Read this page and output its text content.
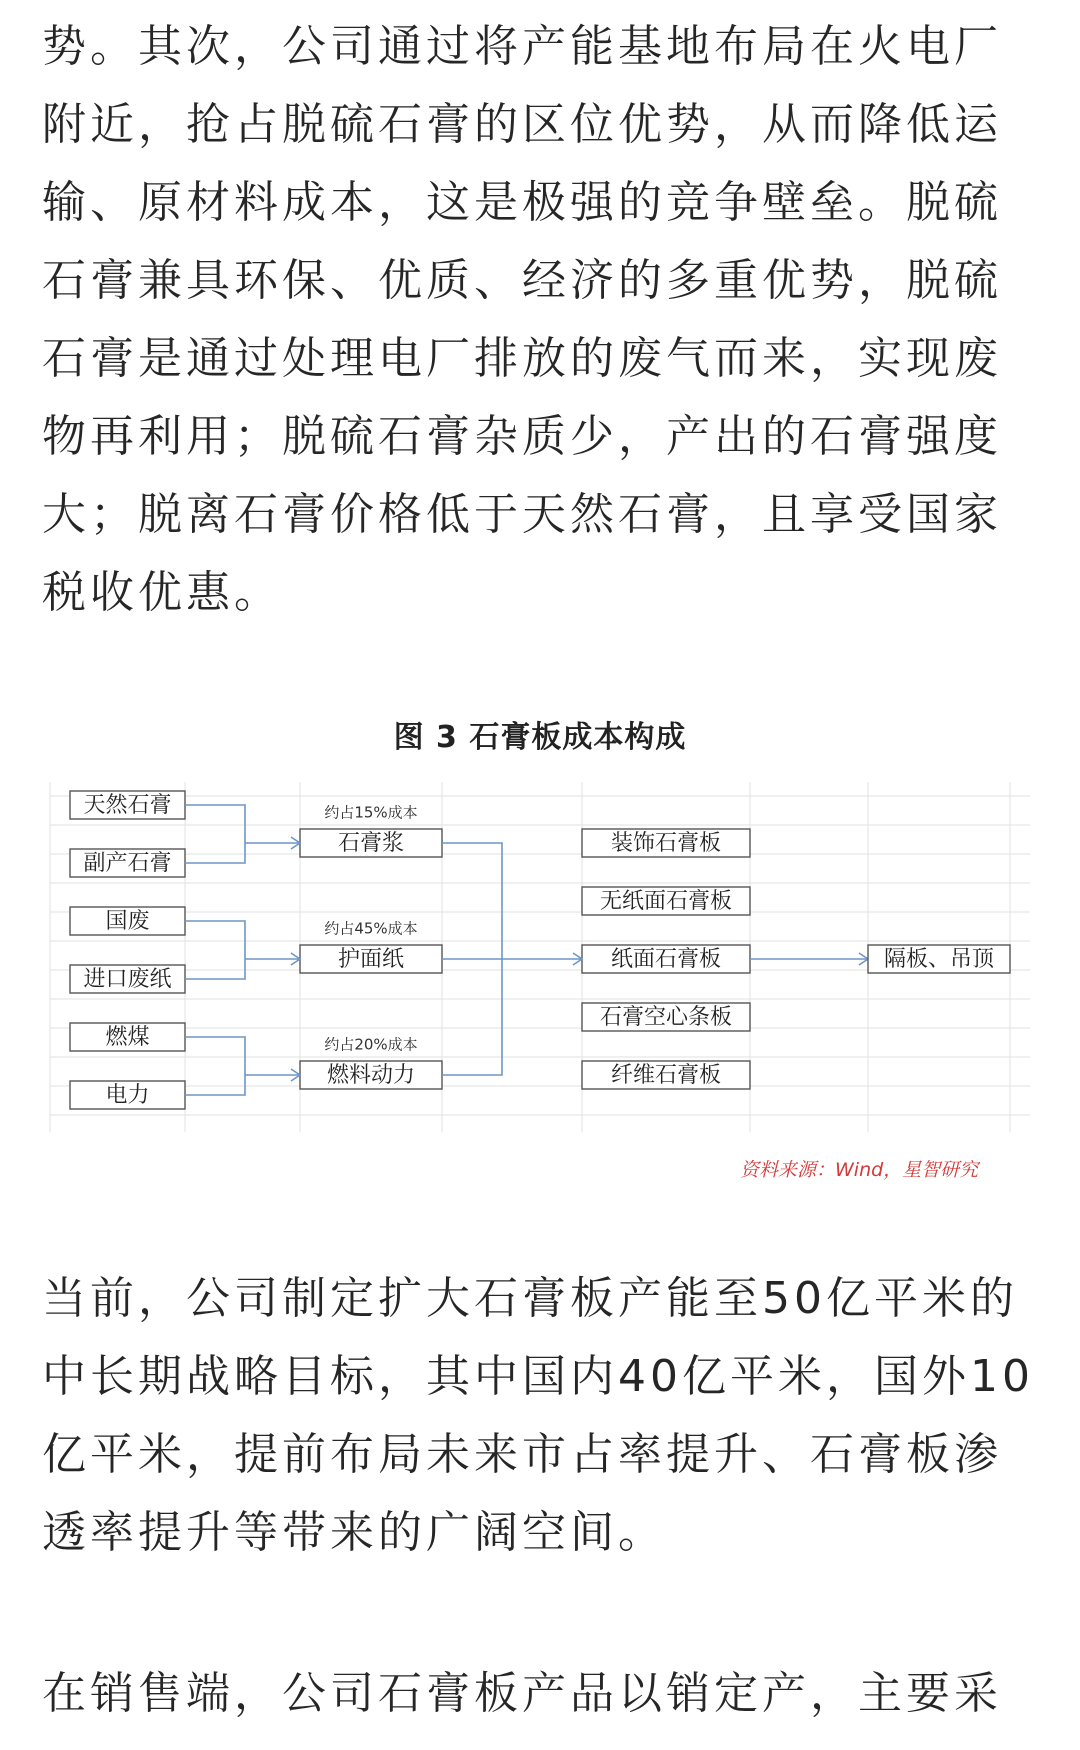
势。其次，公司通过将产能基地布局在火电厂
附近，抢占脱硫石膏的区位优势，从而降低运
输、原材料成本，这是极强的竞争壁垒。脱硫
石膏兼具环保、优质、经济的多重优势，脱硫
石膏是通过处理电厂排放的废气而来，实现废
物再利用；脱硫石膏杂质少，产出的石膏强度
大；脱离石膏价格低于天然石膏，且享受国家
税收优惠。
图 3 石膏板成本构成
天然石膏
副产石膏
国废
进口废纸
燃煤
电力
石膏浆
约占15%成本
护面纸
约占45%成本
燃料动力
约占20%成本
装饰石膏板
无纸面石膏板
纸面石膏板
石膏空心条板
纤维石膏板
隔板、吊顶
资料来源：Wind，星智研究
当前，公司制定扩大石膏板产能至50亿平米的
中长期战略目标，其中国内40亿平米，国外10
亿平米，提前布局未来市占率提升、石膏板渗
透率提升等带来的广阔空间。
在销售端，公司石膏板产品以销定产，主要采
